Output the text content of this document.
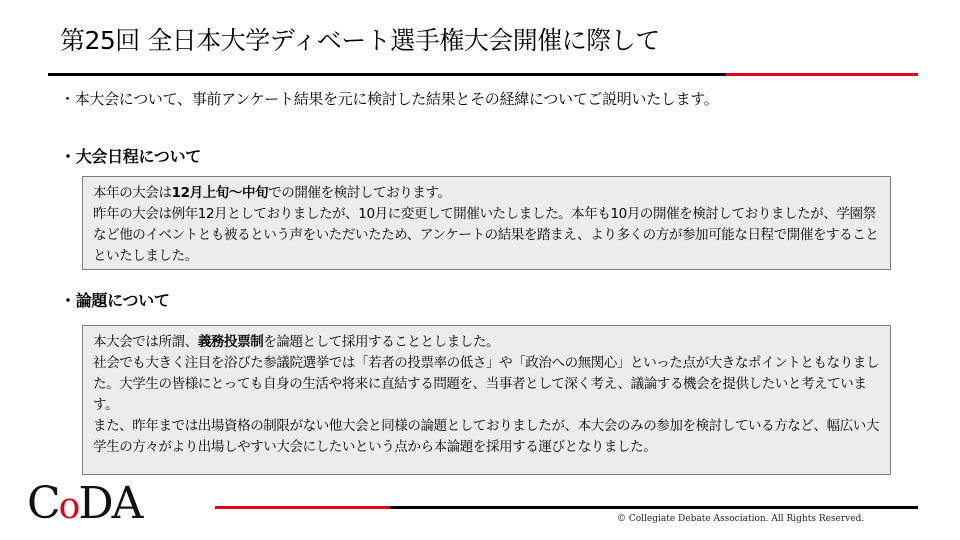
第25回 全日本大学ディベート選手権大会開催に際して
・本大会について、事前アンケート結果を元に検討した結果とその経緯についてご説明いたします。
・大会日程について

本年の大会は12月上旬〜中旬での開催を検討しております。

昨年の大会は例年12月としておりましたが、10月に変更して開催いたしました。本年も10月の開催を検討しておりましたが、学園祭など他のイベントとも被るという声をいただいたため、アンケートの結果を踏まえ、より多くの方が参加可能な日程で開催をすることといたしました。

・論題について

本大会では所謂、義務投票制を論題として採用することとしました。

社会でも大きく注目を浴びた参議院選挙では「若者の投票率の低さ」や「政治への無関心」といった点が大きなポイントともなりました。大学生の皆様にとっても自身の生活や将来に直結する問題を、当事者として深く考え、議論する機会を提供したいと考えています。

また、昨年までは出場資格の制限がない他大会と同様の論題としておりましたが、本大会のみの参加を検討している方など、幅広い大学生の方々がより出場しやすい大会にしたいという点から本論題を採用する運びとなりました。

CoDA	© Collegiate Debate Association. All Rights Reserved.
